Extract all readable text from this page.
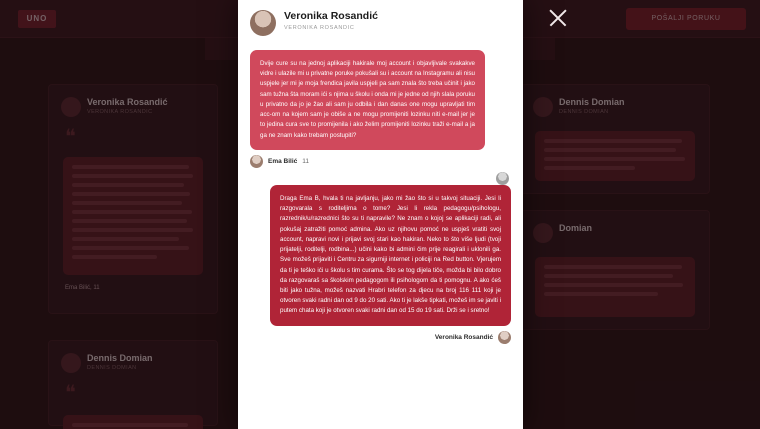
Veronika Rosandić
VERONIKA ROSANDIC
Dvije cure su na jednoj aplikaciji hakirale moj account i objavljivale svakakve vidre i ulazile mi u privatne poruke pokušali su i account na Instagramu ali nisu uspjele jer mi je moja frendica javila uspjeli pa sam znala što treba učinit i jako sam tužna šta moram ići s njima u školu i onda mi je jedne od njih slala poruku u privatno da jo je žao ali sam ju odbila i dan danas one mogu upravljati tim acc-om na kojem sam je obiše a ne mogu promijeniti lozinku niti e-mail jer je to jedina cura sve to promijenila i ako želim promijeniti lozinku traži e-mail a ja ga ne znam kako trebam postupiti?
Ema Bilić 11
Draga Ema B, hvala ti na javljanju, jako mi žao što si u takvoj situaciji. Jesi li razgovarala s roditeljima o tome? Jesi li rekla pedagogu/psihologu, razrednik/u/razrednici što su ti napravile? Ne znam o kojoj se aplikaciji radi, ali pokušaj zatražiti pomoć admina. Ako uz njihovu pomoć ne uspješ vratiti svoj account, napravi novi i prijavi svoj stari kao hakiran. Neko to što više ljudi (tvoji prijatelji, roditelji, rodbina...) učini kako bi admini čim prije reagirali i uklonili ga. Sve možeš prijaviti i Centru za sigurniji internet i policiji na Red button. Vjerujem da ti je teško ići u školu s tim curama. Što se tog dijela tiče, možda bi bilo dobro da razgovaraš sa školskim pedagogom ili psihologom da ti pomognu. A ako ćeš biti jako tužna, možeš nazvati Hrabri telefon za djecu na broj 116 111 koji je otvoren svaki radni dan od 9 do 20 sati. Ako ti je lakše tipkati, možeš im se javiti i putem chata koji je otvoren svaki radni dan od 15 do 19 sati. Drži se i sretno!
Veronika Rosandić
